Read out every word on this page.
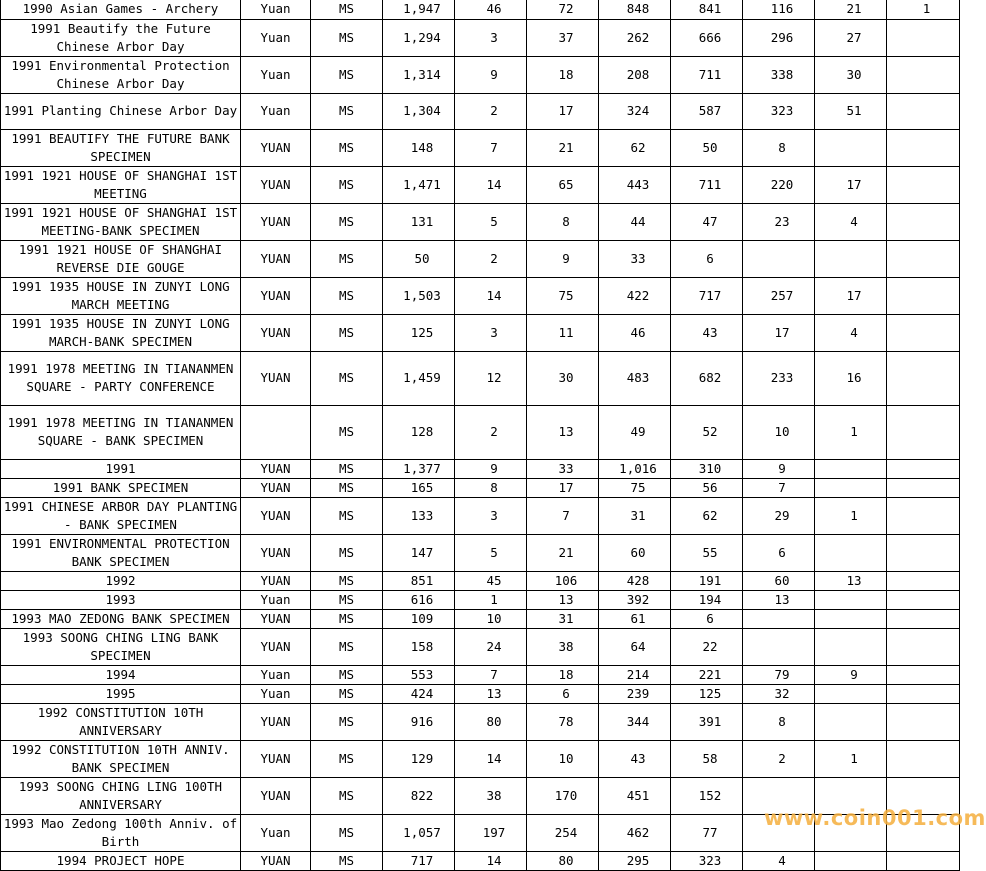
1990 Asian Games - Archery	Yuan	MS	1,947	46	72	848	841	116	21	1
1991 Beautify the Future Chinese Arbor Day	Yuan	MS	1,294	3	37	262	666	296	27	
1991 Environmental Protection Chinese Arbor Day	Yuan	MS	1,314	9	18	208	711	338	30	
1991 Planting Chinese Arbor Day	Yuan	MS	1,304	2	17	324	587	323	51	
1991 BEAUTIFY THE FUTURE BANK SPECIMEN	YUAN	MS	148	7	21	62	50	8		
1991 1921 HOUSE OF SHANGHAI 1ST MEETING	YUAN	MS	1,471	14	65	443	711	220	17	
1991 1921 HOUSE OF SHANGHAI 1ST MEETING-BANK SPECIMEN	YUAN	MS	131	5	8	44	47	23	4	
1991 1921 HOUSE OF SHANGHAI REVERSE DIE GOUGE	YUAN	MS	50	2	9	33	6			
1991 1935 HOUSE IN ZUNYI LONG MARCH MEETING	YUAN	MS	1,503	14	75	422	717	257	17	
1991 1935 HOUSE IN ZUNYI LONG MARCH-BANK SPECIMEN	YUAN	MS	125	3	11	46	43	17	4	
1991 1978 MEETING IN TIANANMEN SQUARE - PARTY CONFERENCE	YUAN	MS	1,459	12	30	483	682	233	16	
1991 1978 MEETING IN TIANANMEN SQUARE - BANK SPECIMEN		MS	128	2	13	49	52	10	1	
1991	YUAN	MS	1,377	9	33	1,016	310	9		
1991 BANK SPECIMEN	YUAN	MS	165	8	17	75	56	7		
1991 CHINESE ARBOR DAY PLANTING - BANK SPECIMEN	YUAN	MS	133	3	7	31	62	29	1	
1991 ENVIRONMENTAL PROTECTION BANK SPECIMEN	YUAN	MS	147	5	21	60	55	6		
1992	YUAN	MS	851	45	106	428	191	60	13	
1993	Yuan	MS	616	1	13	392	194	13		
1993 MAO ZEDONG BANK SPECIMEN	YUAN	MS	109	10	31	61	6			
1993 SOONG CHING LING BANK SPECIMEN	YUAN	MS	158	24	38	64	22			
1994	Yuan	MS	553	7	18	214	221	79	9	
1995	Yuan	MS	424	13	6	239	125	32		
1992 CONSTITUTION 10TH ANNIVERSARY	YUAN	MS	916	80	78	344	391	8		
1992 CONSTITUTION 10TH ANNIV. BANK SPECIMEN	YUAN	MS	129	14	10	43	58	2	1	
1993 SOONG CHING LING 100TH ANNIVERSARY	YUAN	MS	822	38	170	451	152			
1993 Mao Zedong 100th Anniv. of Birth	Yuan	MS	1,057	197	254	462	77			
1994 PROJECT HOPE	YUAN	MS	717	14	80	295	323	4		
www.coin001.com
